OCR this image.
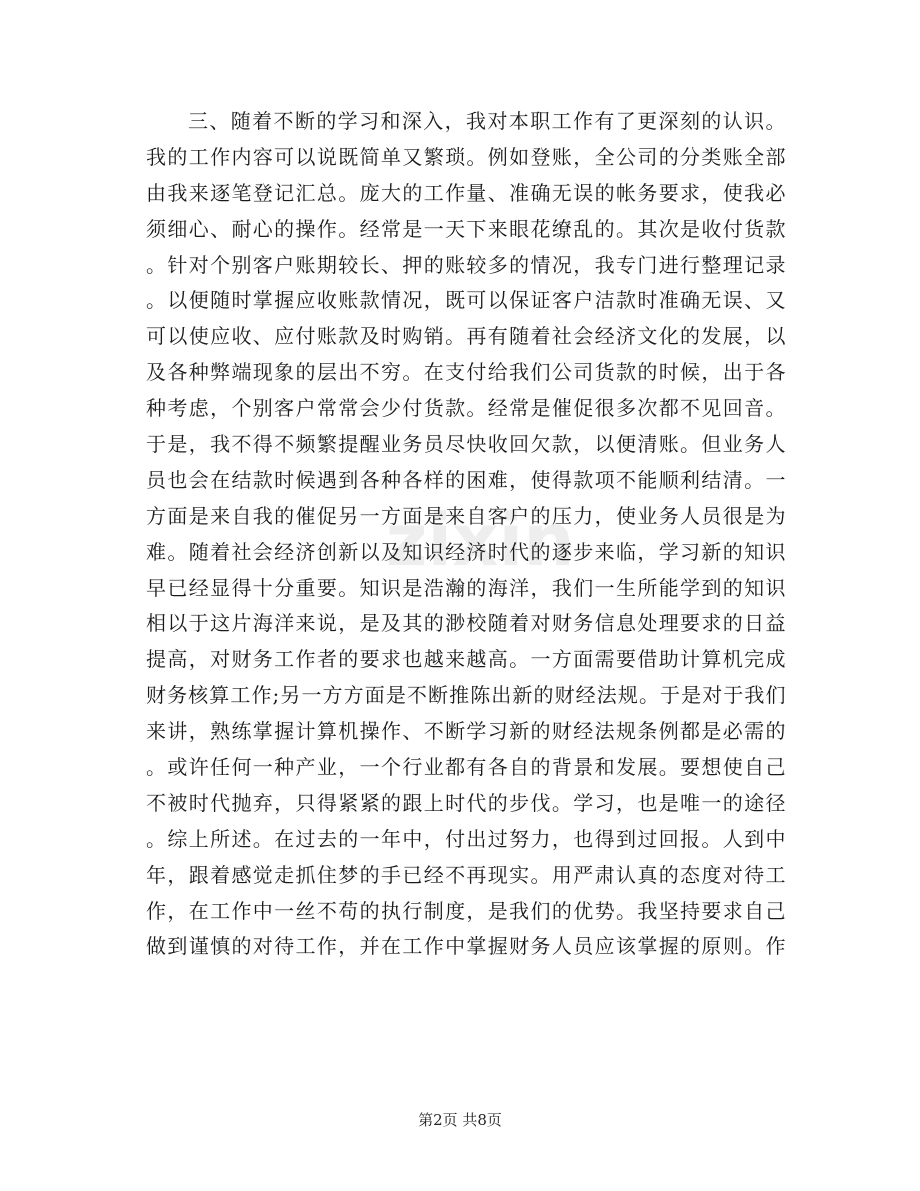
zixin
三、随着不断的学习和深入，我对本职工作有了更深刻的认识。
我的工作内容可以说既简单又繁琐。例如登账，全公司的分类账全部
由我来逐笔登记汇总。庞大的工作量、准确无误的帐务要求，使我必
须细心、耐心的操作。经常是一天下来眼花缭乱的。其次是收付货款
。针对个别客户账期较长、押的账较多的情况，我专门进行整理记录
。以便随时掌握应收账款情况，既可以保证客户洁款时准确无误、又
可以使应收、应付账款及时购销。再有随着社会经济文化的发展，以
及各种弊端现象的层出不穷。在支付给我们公司货款的时候，出于各
种考虑，个别客户常常会少付货款。经常是催促很多次都不见回音。
于是，我不得不频繁提醒业务员尽快收回欠款，以便清账。但业务人
员也会在结款时候遇到各种各样的困难，使得款项不能顺利结清。一
方面是来自我的催促另一方面是来自客户的压力，使业务人员很是为
难。随着社会经济创新以及知识经济时代的逐步来临，学习新的知识
早已经显得十分重要。知识是浩瀚的海洋，我们一生所能学到的知识
相以于这片海洋来说，是及其的渺校随着对财务信息处理要求的日益
提高，对财务工作者的要求也越来越高。一方面需要借助计算机完成
财务核算工作;另一方方面是不断推陈出新的财经法规。于是对于我们
来讲，熟练掌握计算机操作、不断学习新的财经法规条例都是必需的
。或许任何一种产业，一个行业都有各自的背景和发展。要想使自己
不被时代抛弃，只得紧紧的跟上时代的步伐。学习，也是唯一的途径
。综上所述。在过去的一年中，付出过努力，也得到过回报。人到中
年，跟着感觉走抓住梦的手已经不再现实。用严肃认真的态度对待工
作，在工作中一丝不苟的执行制度，是我们的优势。我坚持要求自己
做到谨慎的对待工作，并在工作中掌握财务人员应该掌握的原则。作
第2页 共8页
